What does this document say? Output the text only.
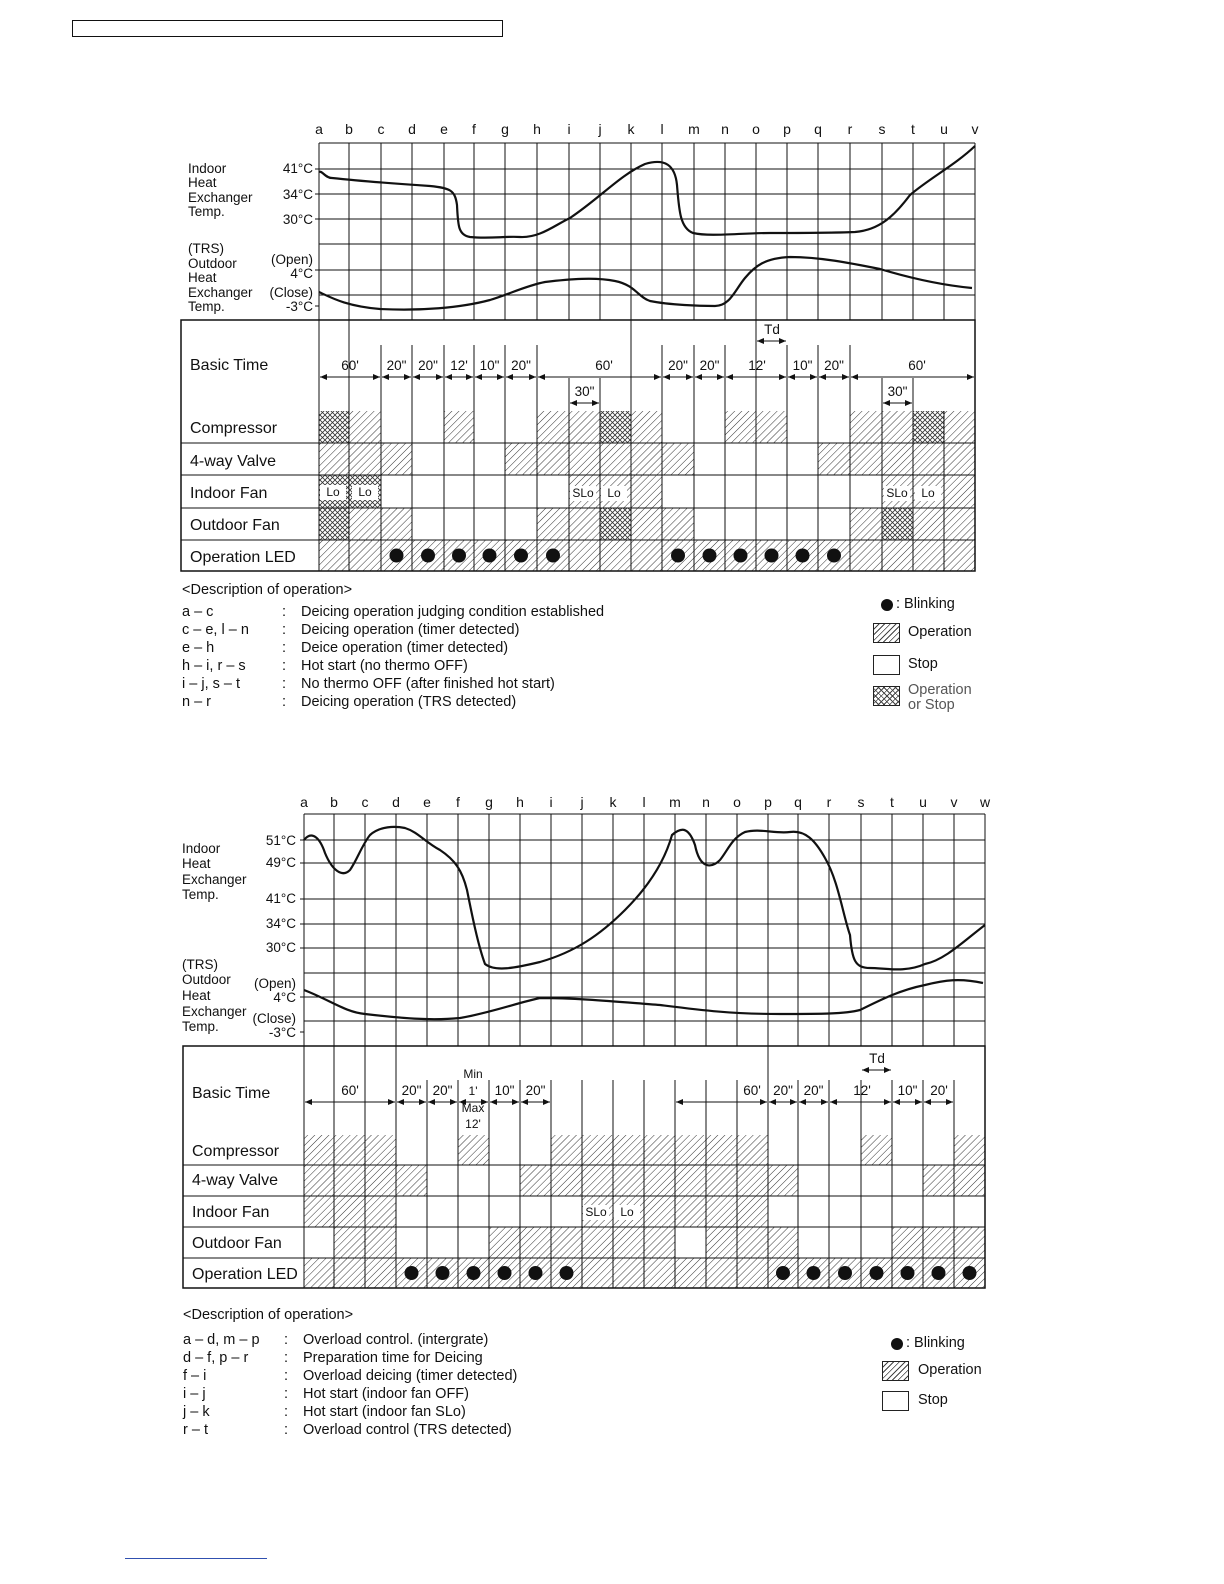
a b c d e f g h i j k l m n o p q r s t u v
Basic Time
Compressor
4-way Valve
Indoor Fan
Outdoor Fan
Operation LED
Indoor
Heat
Exchanger
Temp.
(TRS)
Outdoor
Heat
Exchanger
Temp.
41°C
34°C
30°C
(Open)
4°C
(Close)
-3°C
60' 20" 20" 12' 10" 20"	60'
30"
20" 20" 12' 10" 20"	60'
30"
Td
Lo Lo	SLo Lo	SLo Lo
a b c d e f g h i j k l m n o p q r s t u v w
Basic Time
Compressor
4-way Valve
Indoor Fan
Outdoor Fan
Operation LED
Indoor
Heat
Exchanger
Temp.
(TRS)
Outdoor
Heat
Exchanger
Temp.
51°C
49°C
41°C
34°C
30°C
(Open)
4°C
(Close)
-3°C
60'	20" 20"	10" 20"	60' 20" 20" 12' 10" 20'
Td
SLo Lo
Min
1'
Max
12'
<Description of operation>
a – c	: Deicing operation judging condition established
c – e, l – n : Deicing operation (timer detected)
e – h	: Deice operation (timer detected)
h – i, r – s	: Hot start (no thermo OFF)
i – j, s – t	: No thermo OFF (after finished hot start)
n – r	: Deicing operation (TRS detected)
: Blinking
Operation
Stop
Operation
or Stop
<Description of operation>
a – d, m – p : Overload control. (intergrate)
d – f, p – r : Preparation time for Deicing
f – i	: Overload deicing (timer detected)
i – j	: Hot start (indoor fan OFF)
j – k	: Hot start (indoor fan SLo)
r – t	: Overload control (TRS detected)
: Blinking
Operation
Stop
